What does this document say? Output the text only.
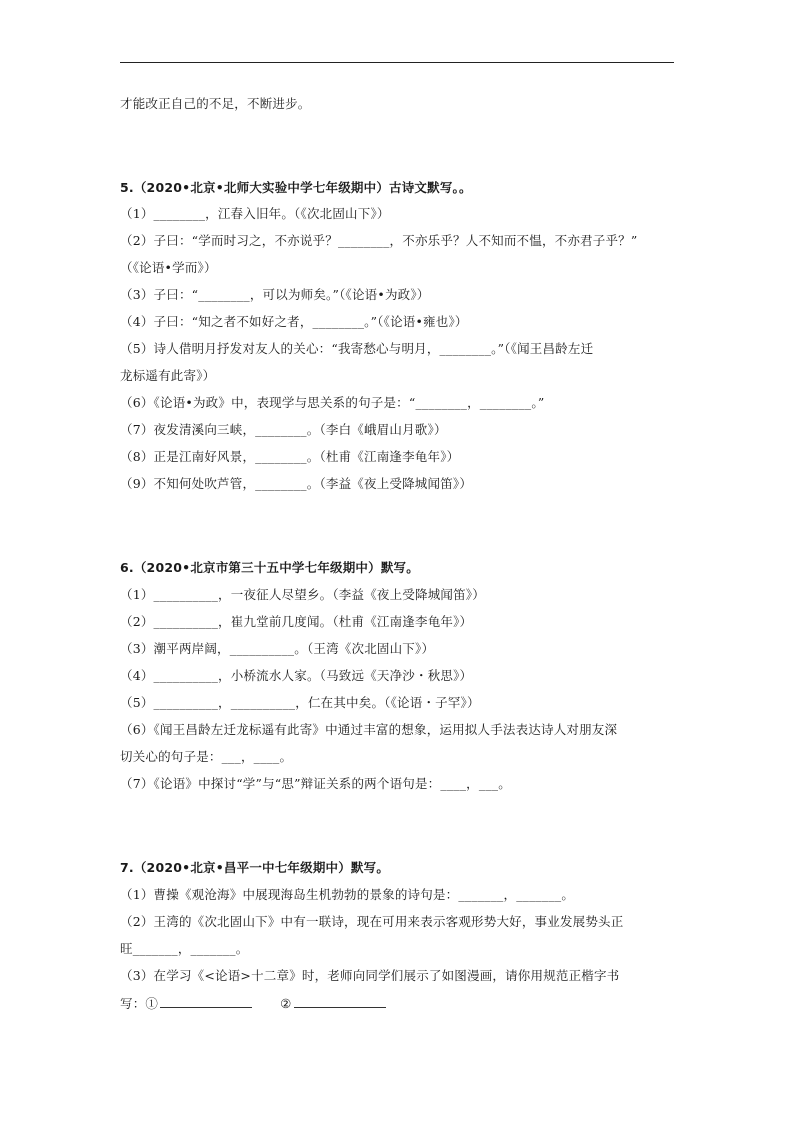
才能改正自己的不足，不断进步。
5.（2020•北京•北师大实验中学七年级期中）古诗文默写。。
（1）________，江春入旧年。（《次北固山下》）
（2）子曰：“学而时习之，不亦说乎？________，不亦乐乎？人不知而不愠，不亦君子乎？”
（《论语•学而》）
（3）子曰：“________，可以为师矣。”（《论语•为政》）
（4）子曰：“知之者不如好之者，________。”（《论语•雍也》）
（5）诗人借明月抒发对友人的关心：“我寄愁心与明月，________。”（《闻王昌龄左迁
龙标遥有此寄》）
（6）《论语•为政》中，表现学与思关系的句子是：“________，________。”
（7）夜发清溪向三峡，________。（李白《峨眉山月歌》）
（8）正是江南好风景，________。（杜甫《江南逢李龟年》）
（9）不知何处吹芦管，________。（李益《夜上受降城闻笛》）
6.（2020•北京市第三十五中学七年级期中）默写。
（1）__________，一夜征人尽望乡。（李益《夜上受降城闻笛》）
（2）__________，崔九堂前几度闻。（杜甫《江南逢李龟年》）
（3）潮平两岸阔，__________。（王湾《次北固山下》）
（4）__________，小桥流水人家。（马致远《天净沙・秋思》）
（5）__________，__________，仁在其中矣。（《论语・子罕》）
（6）《闻王昌龄左迁龙标遥有此寄》中通过丰富的想象，运用拟人手法表达诗人对朋友深
切关心的句子是：___，____。
（7）《论语》中探讨“学”与“思”辩证关系的两个语句是：____，___。
7.（2020•北京•昌平一中七年级期中）默写。
（1）曹操《观沧海》中展现海岛生机勃勃的景象的诗句是：_______，_______。
（2）王湾的《次北固山下》中有一联诗，现在可用来表示客观形势大好，事业发展势头正
旺_______，_______。
（3）在学习《<论语>十二章》时，老师向同学们展示了如图漫画，请你用规范正楷字书
写：①	②
